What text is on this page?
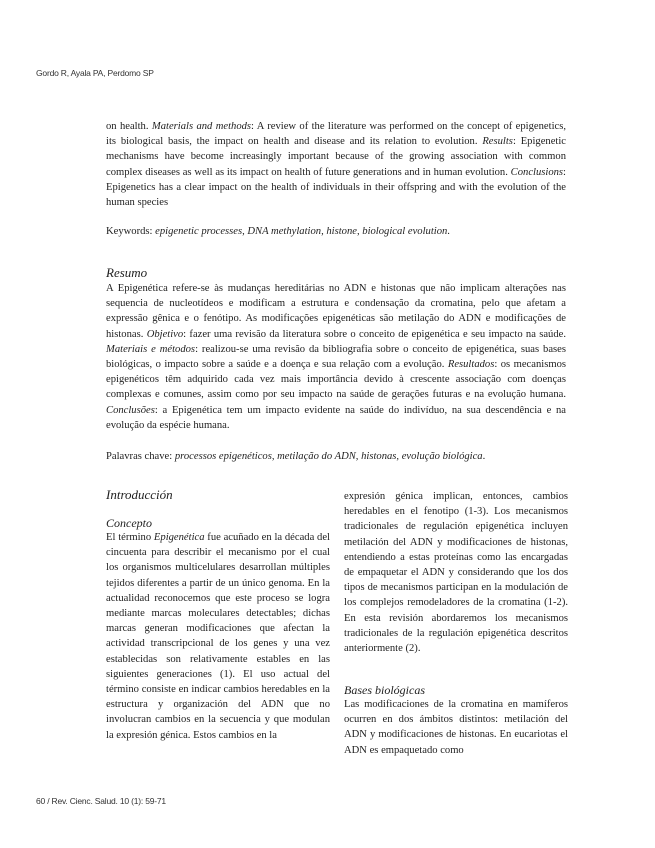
Gordo R, Ayala PA, Perdomo SP

on health. Materials and methods: A review of the literature was performed on the concept of epigenetics, its biological basis, the impact on health and disease and its relation to evolution. Results: Epigenetic mechanisms have become increasingly important because of the growing association with common complex diseases as well as its impact on health of future generations and in human evolution. Conclusions: Epigenetics has a clear impact on the health of individuals in their offspring and with the evolution of the human species

Keywords: epigenetic processes, DNA methylation, histone, biological evolution.

Resumo

A Epigenética refere-se às mudanças hereditárias no ADN e histonas que não implicam alterações nas sequencia de nucleotídeos e modificam a estrutura e condensação da cromatina, pelo que afetam a expressão gênica e o fenótipo. As modificações epigenéticas são metilação do ADN e modificações de histonas. Objetivo: fazer uma revisão da literatura sobre o conceito de epigenética e seu impacto na saúde. Materiais e métodos: realizou-se uma revisão da bibliografia sobre o conceito de epigenética, suas bases biológicas, o impacto sobre a saúde e a doença e sua relação com a evolução. Resultados: os mecanismos epigenéticos têm adquirido cada vez mais importância devido à crescente associação com doenças complexas e comunes, assim como por seu impacto na saúde de gerações futuras e na evolução humana. Conclusões: a Epigenética tem um impacto evidente na saúde do indivíduo, na sua descendência e na evolução da espécie humana.

Palavras chave: processos epigenéticos, metilação do ADN, histonas, evolução biológica.

Introducción
Concepto

El término Epigenética fue acuñado en la década del cincuenta para describir el mecanismo por el cual los organismos multicelulares desarrollan múltiples tejidos diferentes a partir de un único genoma. En la actualidad reconocemos que este proceso se logra mediante marcas moleculares detectables; dichas marcas generan modificaciones que afectan la actividad transcripcional de los genes y una vez establecidas son relativamente estables en las siguientes generaciones (1). El uso actual del término consiste en indicar cambios heredables en la estructura y organización del ADN que no involucran cambios en la secuencia y que modulan la expresión génica. Estos cambios en la

expresión génica implican, entonces, cambios heredables en el fenotipo (1-3). Los mecanismos tradicionales de regulación epigenética incluyen metilación del ADN y modificaciones de histonas, entendiendo a estas proteínas como las encargadas de empaquetar el ADN y considerando que los dos tipos de mecanismos participan en la modulación de los complejos remodeladores de la cromatina (1-2). En esta revisión abordaremos los mecanismos tradicionales de la regulación epigenética descritos anteriormente (2).

Bases biológicas

Las modificaciones de la cromatina en mamíferos ocurren en dos ámbitos distintos: metilación del ADN y modificaciones de histonas. En eucariotas el ADN es empaquetado como

60 / Rev. Cienc. Salud. 10 (1): 59-71
